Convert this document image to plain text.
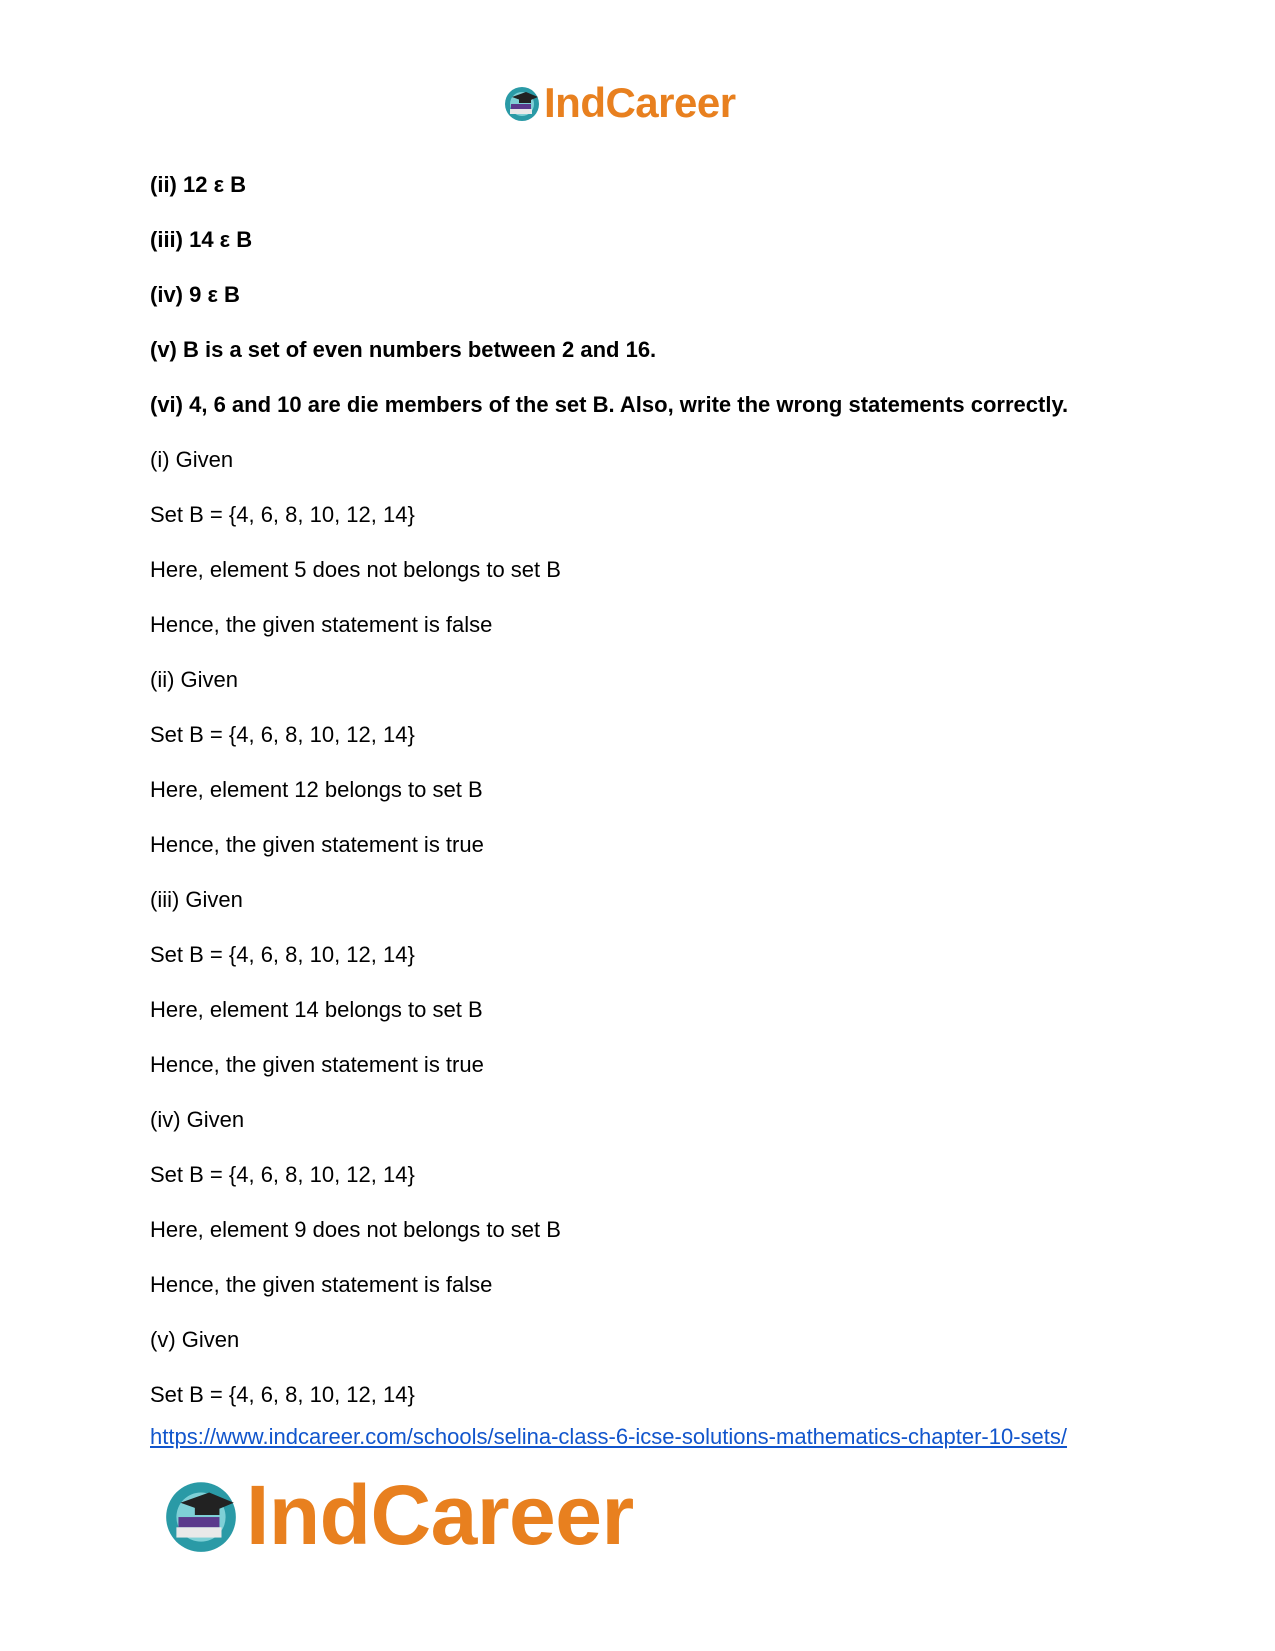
IndCareer
(ii) 12 ε B
(iii) 14 ε B
(iv) 9 ε B
(v) B is a set of even numbers between 2 and 16.
(vi) 4, 6 and 10 are die members of the set B. Also, write the wrong statements correctly.
(i) Given
Set B = {4, 6, 8, 10, 12, 14}
Here, element 5 does not belongs to set B
Hence, the given statement is false
(ii) Given
Set B = {4, 6, 8, 10, 12, 14}
Here, element 12 belongs to set B
Hence, the given statement is true
(iii) Given
Set B = {4, 6, 8, 10, 12, 14}
Here, element 14 belongs to set B
Hence, the given statement is true
(iv) Given
Set B = {4, 6, 8, 10, 12, 14}
Here, element 9 does not belongs to set B
Hence, the given statement is false
(v) Given
Set B = {4, 6, 8, 10, 12, 14}
https://www.indcareer.com/schools/selina-class-6-icse-solutions-mathematics-chapter-10-sets/
IndCareer
